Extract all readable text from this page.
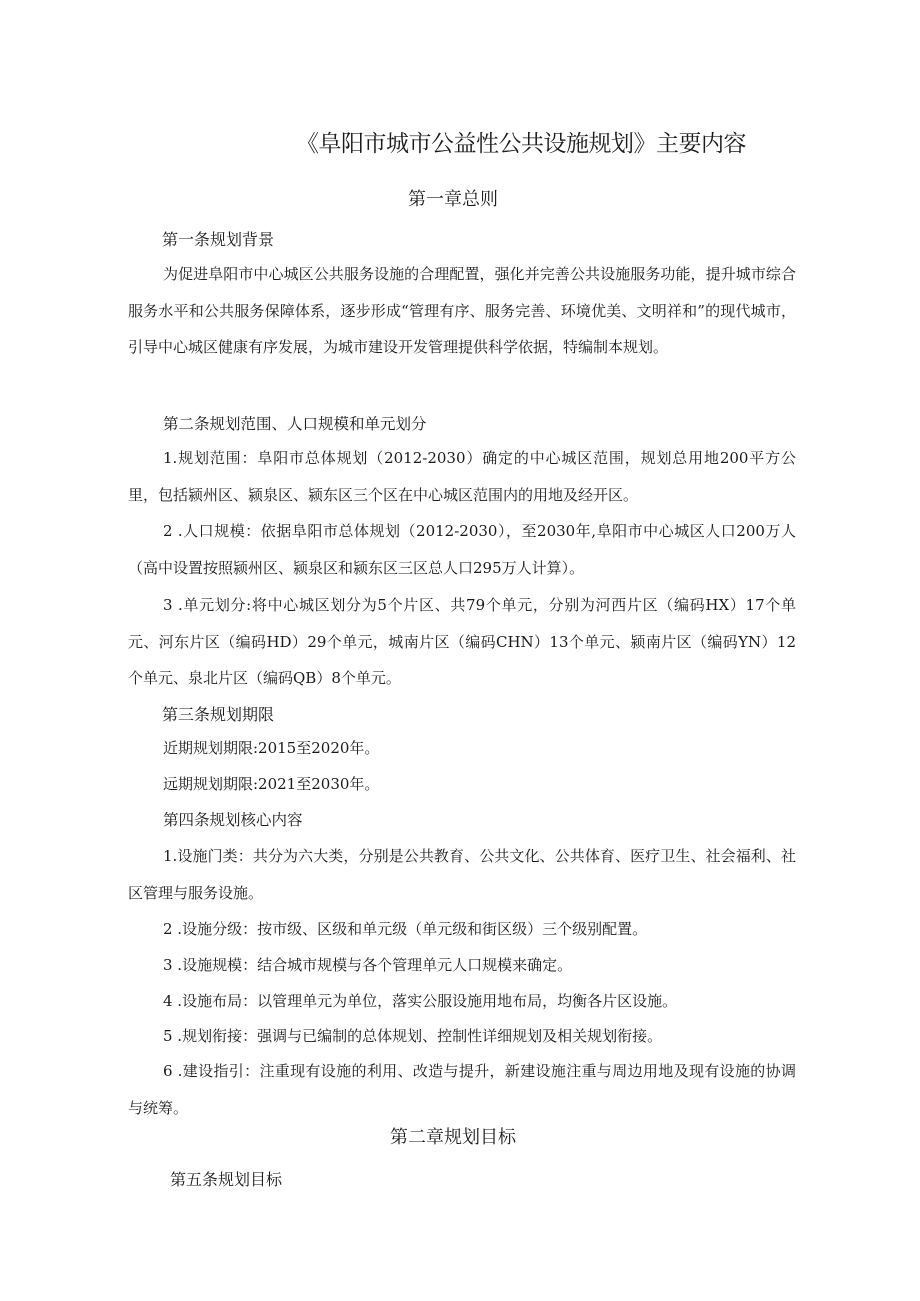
《阜阳市城市公益性公共设施规划》主要内容
第一章总则
第一条规划背景
为促进阜阳市中心城区公共服务设施的合理配置，强化并完善公共设施服务功能，提升城市综合服务水平和公共服务保障体系，逐步形成“管理有序、服务完善、环境优美、文明祥和”的现代城市，引导中心城区健康有序发展，为城市建设开发管理提供科学依据，特编制本规划。
第二条规划范围、人口规模和单元划分
1.规划范围：阜阳市总体规划（2012-2030）确定的中心城区范围，规划总用地200平方公里，包括颍州区、颍泉区、颍东区三个区在中心城区范围内的用地及经开区。
2 .人口规模：依据阜阳市总体规划（2012-2030），至2030年,阜阳市中心城区人口200万人（高中设置按照颍州区、颍泉区和颍东区三区总人口295万人计算）。
3 .单元划分:将中心城区划分为5个片区、共79个单元，分别为河西片区（编码HX）17个单元、河东片区（编码HD）29个单元，城南片区（编码CHN）13个单元、颍南片区（编码YN）12个单元、泉北片区（编码QB）8个单元。
第三条规划期限
近期规划期限:2015至2020年。
远期规划期限:2021至2030年。
第四条规划核心内容
1.设施门类：共分为六大类，分别是公共教育、公共文化、公共体育、医疗卫生、社会福利、社区管理与服务设施。
2 .设施分级：按市级、区级和单元级（单元级和街区级）三个级别配置。
3 .设施规模：结合城市规模与各个管理单元人口规模来确定。
4 .设施布局：以管理单元为单位，落实公服设施用地布局，均衡各片区设施。
5 .规划衔接：强调与已编制的总体规划、控制性详细规划及相关规划衔接。
6 .建设指引：注重现有设施的利用、改造与提升，新建设施注重与周边用地及现有设施的协调与统筹。
第二章规划目标
第五条规划目标
